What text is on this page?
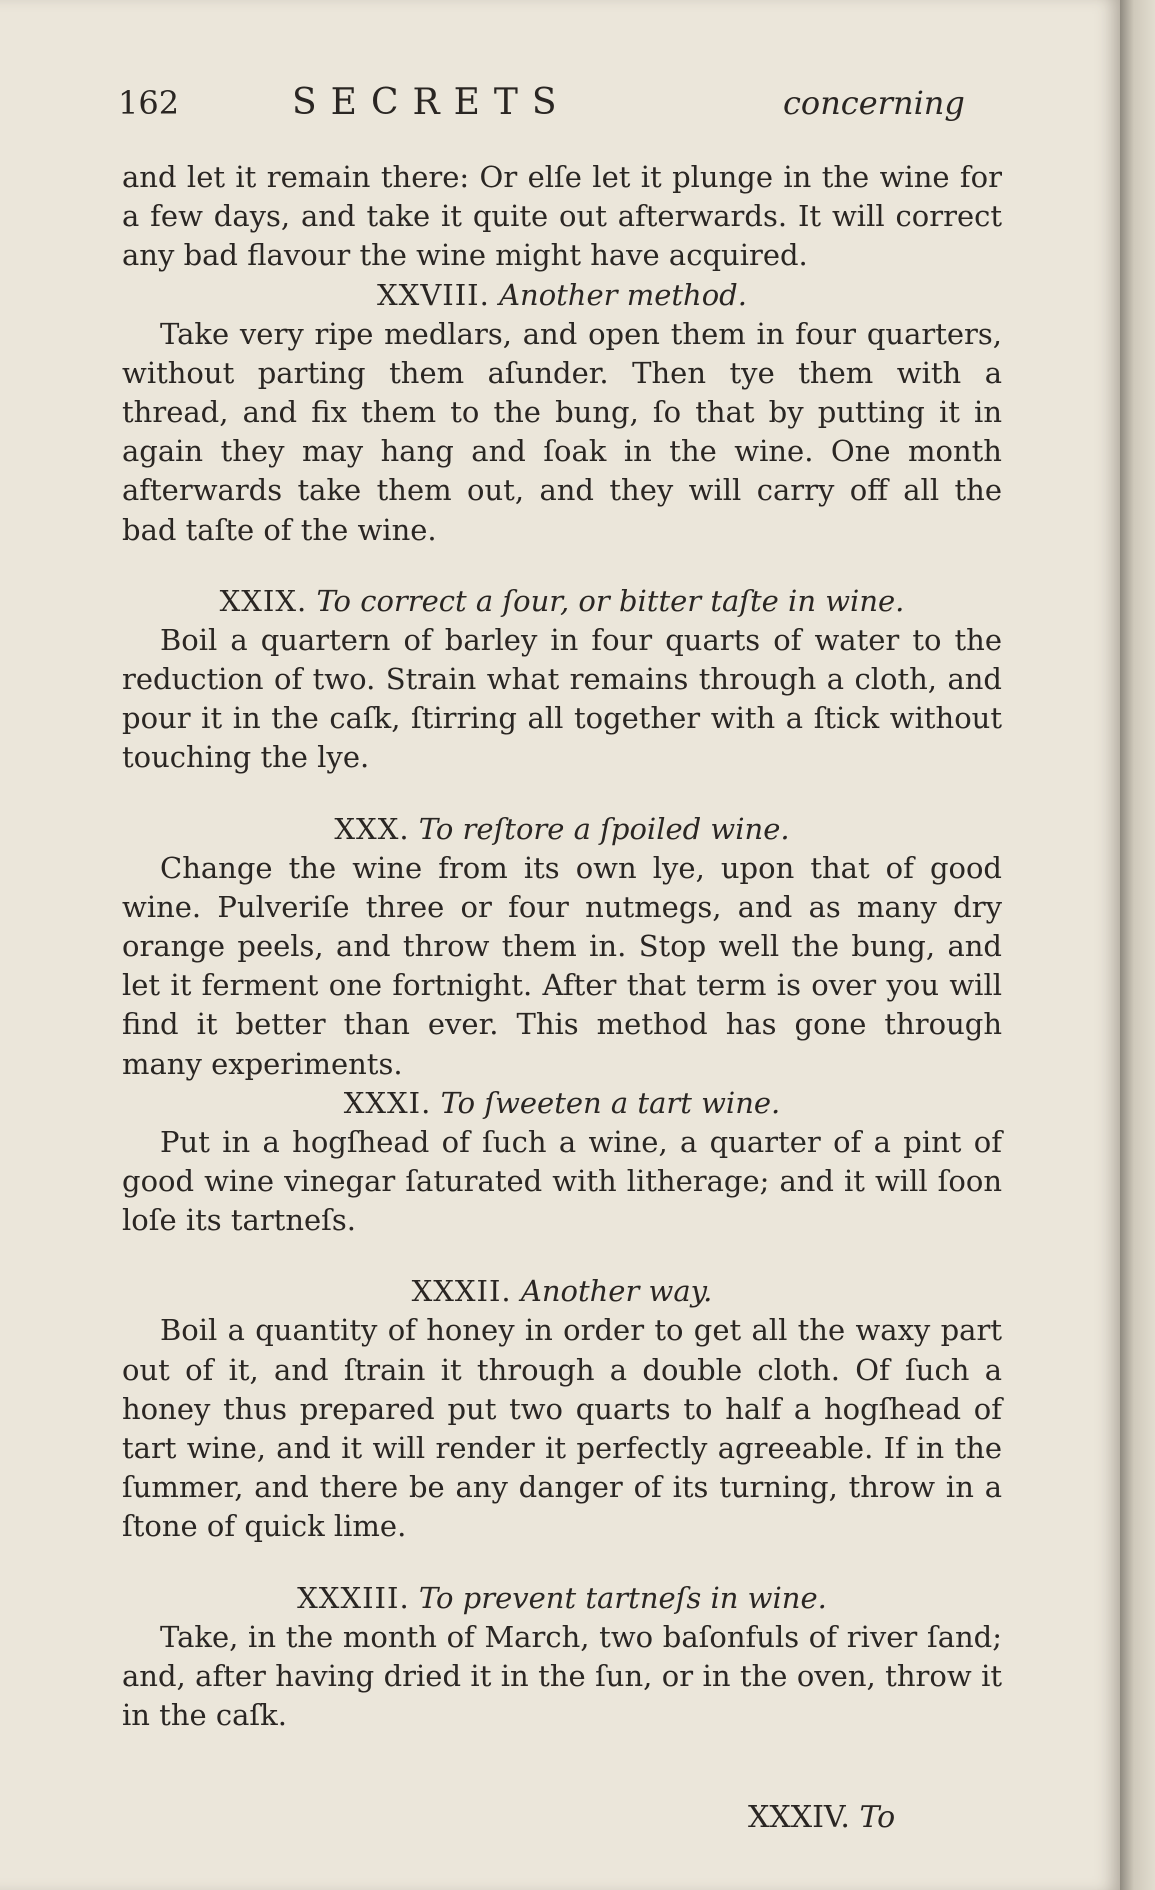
162	SECRETS	concerning

and let it remain there: Or elſe let it plunge in the wine for a few days, and take it quite out afterwards. It will correct any bad flavour the wine might have acquired.

XXVIII. Another method.

Take very ripe medlars, and open them in four quarters, without parting them aſunder. Then tye them with a thread, and fix them to the bung, ſo that by putting it in again they may hang and ſoak in the wine. One month afterwards take them out, and they will carry off all the bad taſte of the wine.

XXIX. To correct a ſour, or bitter taſte in wine.

Boil a quartern of barley in four quarts of water to the reduction of two. Strain what remains through a cloth, and pour it in the caſk, ſtirring all together with a ſtick without touching the lye.

XXX. To reſtore a ſpoiled wine.

Change the wine from its own lye, upon that of good wine. Pulveriſe three or four nutmegs, and as many dry orange peels, and throw them in. Stop well the bung, and let it ferment one fortnight. After that term is over you will find it better than ever. This method has gone through many experiments.

XXXI. To ſweeten a tart wine.

Put in a hogſhead of ſuch a wine, a quarter of a pint of good wine vinegar ſaturated with litherage; and it will ſoon loſe its tartneſs.

XXXII. Another way.

Boil a quantity of honey in order to get all the waxy part out of it, and ſtrain it through a double cloth. Of ſuch a honey thus prepared put two quarts to half a hogſhead of tart wine, and it will render it perfectly agreeable. If in the ſummer, and there be any danger of its turning, throw in a ſtone of quick lime.

XXXIII. To prevent tartneſs in wine.

Take, in the month of March, two baſonfuls of river ſand; and, after having dried it in the ſun, or in the oven, throw it in the caſk.

XXXIV. To
